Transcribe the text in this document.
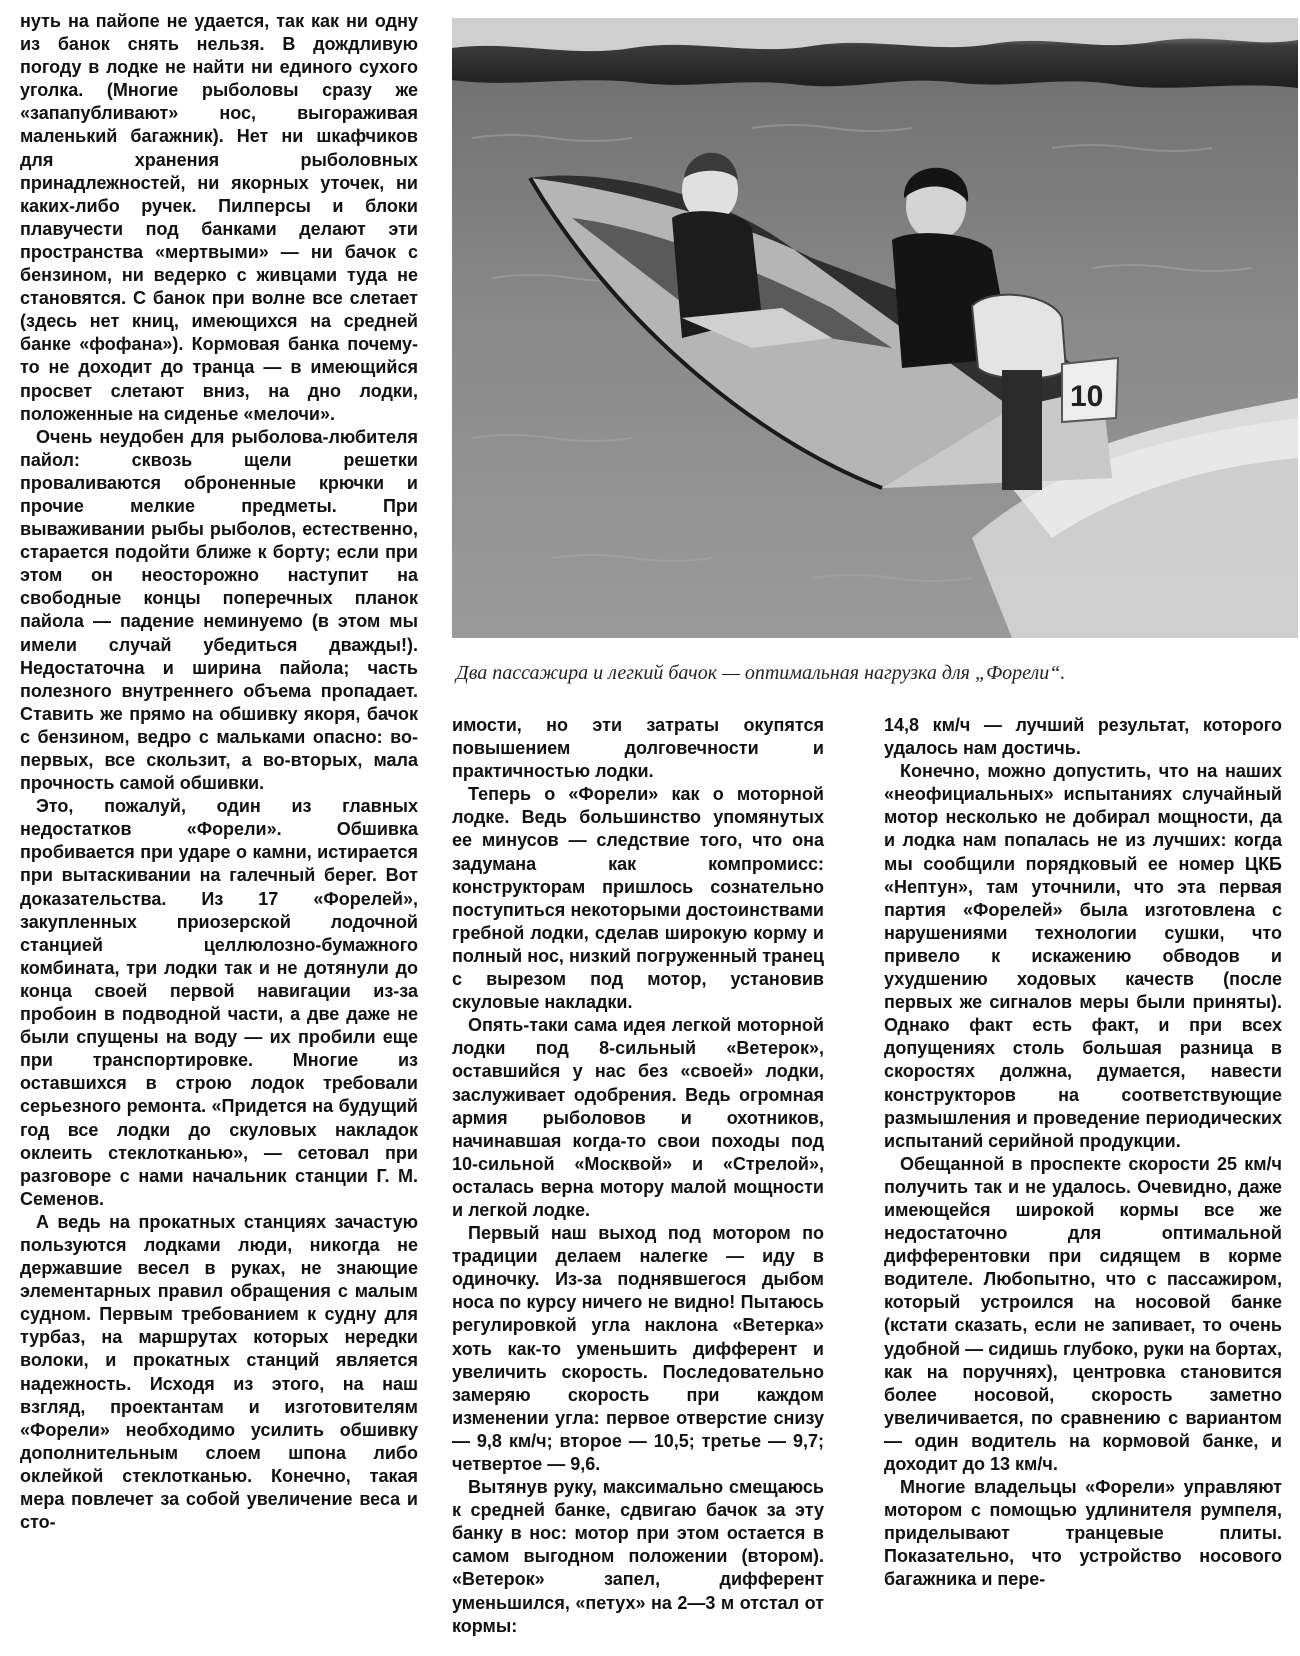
нуть на пайопе не удается, так как ни одну из банок снять нельзя. В дождливую погоду в лодке не найти ни единого сухого уголка. (Многие рыболовы сразу же «запапубливают» нос, выгораживая маленький багажник). Нет ни шкафчиков для хранения рыболовных принадлежностей, ни якорных уточек, ни каких-либо ручек. Пилперсы и блоки плавучести под банками делают эти пространства «мертвыми» — ни бачок с бензином, ни ведерко с живцами туда не становятся. С банок при волне все слетает (здесь нет книц, имеющихся на средней банке «фофана»). Кормовая банка почему-то не доходит до транца — в имеющийся просвет слетают вниз, на дно лодки, положенные на сиденье «мелочи».

Очень неудобен для рыболова-любителя пайол: сквозь щели решетки проваливаются оброненные крючки и прочие мелкие предметы. При вываживании рыбы рыболов, естественно, старается подойти ближе к борту; если при этом он неосторожно наступит на свободные концы поперечных планок пайола — падение неминуемо (в этом мы имели случай убедиться дважды!). Недостаточна и ширина пайола; часть полезного внутреннего объема пропадает. Ставить же прямо на обшивку якоря, бачок с бензином, ведро с мальками опасно: во-первых, все скользит, а во-вторых, мала прочность самой обшивки.

Это, пожалуй, один из главных недостатков «Форели». Обшивка пробивается при ударе о камни, истирается при вытаскивании на галечный берег. Вот доказательства. Из 17 «Форелей», закупленных приозерской лодочной станцией целлюлозно-бумажного комбината, три лодки так и не дотянули до конца своей первой навигации из-за пробоин в подводной части, а две даже не были спущены на воду — их пробили еще при транспортировке. Многие из оставшихся в строю лодок требовали серьезного ремонта. «Придется на будущий год все лодки до скуловых накладок оклеить стеклотканью», — сетовал при разговоре с нами начальник станции Г. М. Семенов.

А ведь на прокатных станциях зачастую пользуются лодками люди, никогда не державшие весел в руках, не знающие элементарных правил обращения с малым судном. Первым требованием к судну для турбаз, на маршрутах которых нередки волоки, и прокатных станций является надежность. Исходя из этого, на наш взгляд, проектантам и изготовителям «Форели» необходимо усилить обшивку дополнительным слоем шпона либо оклейкой стеклотканью. Конечно, такая мера повлечет за собой увеличение веса и сто-

10
Два пассажира и легкий бачок — оптимальная нагрузка для „Форели“.

имости, но эти затраты окупятся повышением долговечности и практичностью лодки.

Теперь о «Форели» как о моторной лодке. Ведь большинство упомянутых ее минусов — следствие того, что она задумана как компромисс: конструкторам пришлось сознательно поступиться некоторыми достоинствами гребной лодки, сделав широкую корму и полный нос, низкий погруженный транец с вырезом под мотор, установив скуловые накладки.

Опять-таки сама идея легкой моторной лодки под 8-сильный «Ветерок», оставшийся у нас без «своей» лодки, заслуживает одобрения. Ведь огромная армия рыболовов и охотников, начинавшая когда-то свои походы под 10-сильной «Москвой» и «Стрелой», осталась верна мотору малой мощности и легкой лодке.

Первый наш выход под мотором по традиции делаем налегке — иду в одиночку. Из-за поднявшегося дыбом носа по курсу ничего не видно! Пытаюсь регулировкой угла наклона «Ветерка» хоть как-то уменьшить дифферент и увеличить скорость. Последовательно замеряю скорость при каждом изменении угла: первое отверстие снизу — 9,8 км/ч; второе — 10,5; третье — 9,7; четвертое — 9,6.

Вытянув руку, максимально смещаюсь к средней банке, сдвигаю бачок за эту банку в нос: мотор при этом остается в самом выгодном положении (втором). «Ветерок» запел, дифферент уменьшился, «петух» на 2—3 м отстал от кормы:

14,8 км/ч — лучший результат, которого удалось нам достичь.

Конечно, можно допустить, что на наших «неофициальных» испытаниях случайный мотор несколько не добирал мощности, да и лодка нам попалась не из лучших: когда мы сообщили порядковый ее номер ЦКБ «Нептун», там уточнили, что эта первая партия «Форелей» была изготовлена с нарушениями технологии сушки, что привело к искажению обводов и ухудшению ходовых качеств (после первых же сигналов меры были приняты). Однако факт есть факт, и при всех допущениях столь большая разница в скоростях должна, думается, навести конструкторов на соответствующие размышления и проведение периодических испытаний серийной продукции.

Обещанной в проспекте скорости 25 км/ч получить так и не удалось. Очевидно, даже имеющейся широкой кормы все же недостаточно для оптимальной дифферентовки при сидящем в корме водителе. Любопытно, что с пассажиром, который устроился на носовой банке (кстати сказать, если не запивает, то очень удобной — сидишь глубоко, руки на бортах, как на поручнях), центровка становится более носовой, скорость заметно увеличивается, по сравнению с вариантом — один водитель на кормовой банке, и доходит до 13 км/ч.

Многие владельцы «Форели» управляют мотором с помощью удлинителя румпеля, приделывают транцевые плиты. Показательно, что устройство носового багажника и пере-
